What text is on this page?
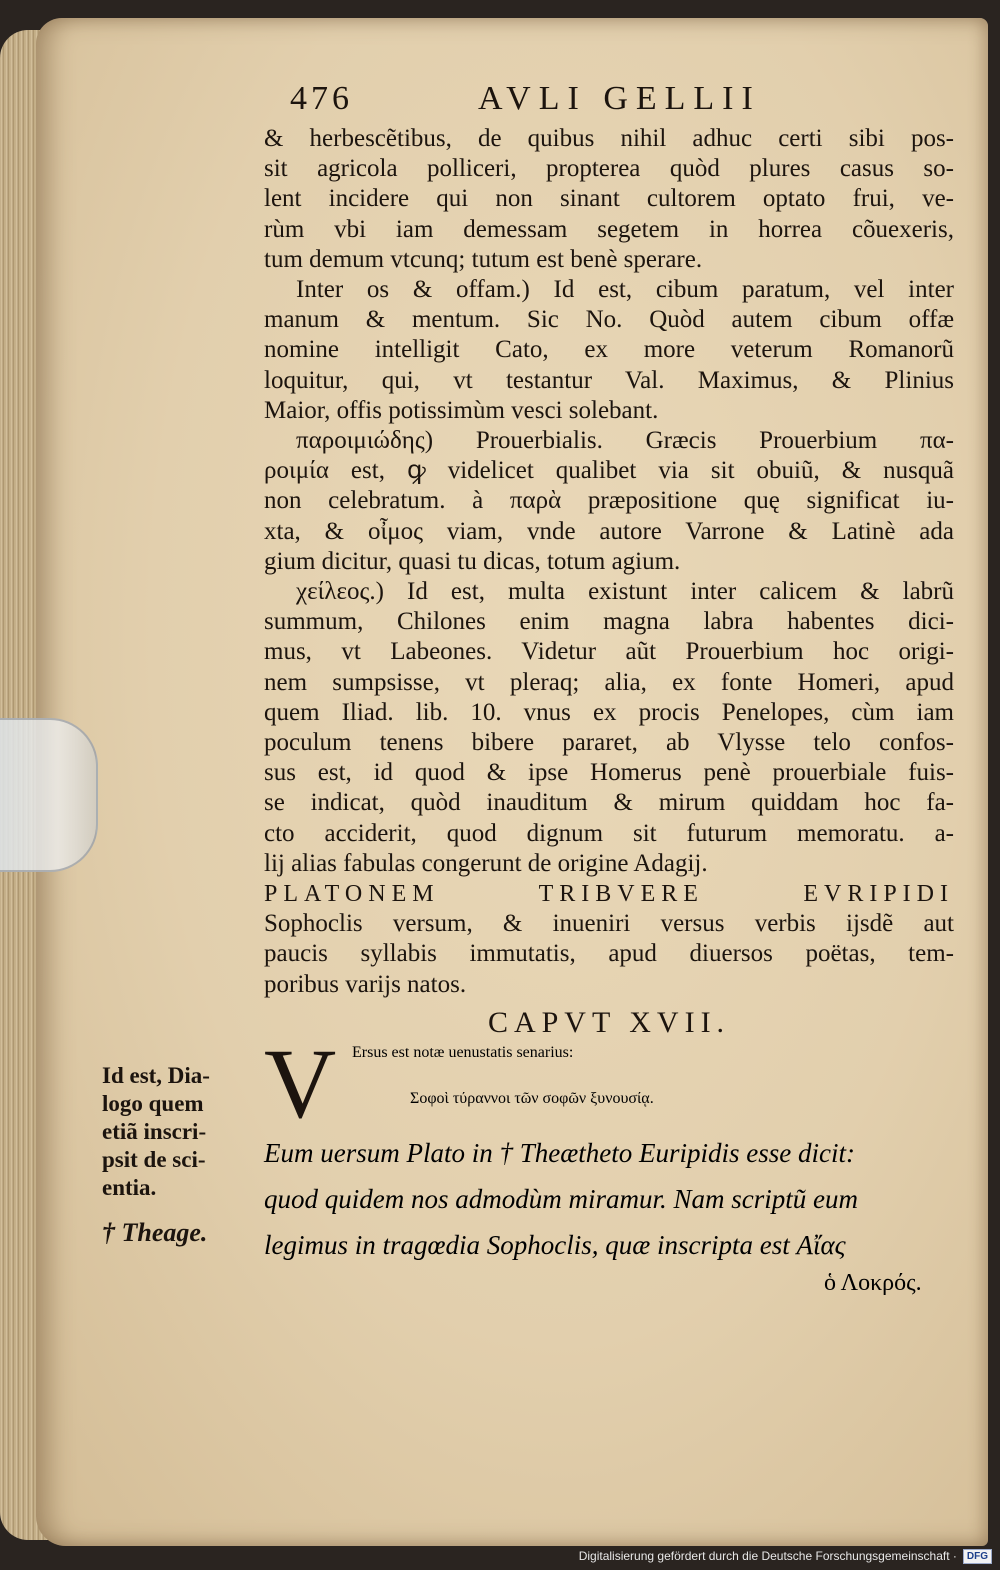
476	AVLI GELLII
& herbescẽtibus, de quibus nihil adhuc certi sibi pos-
sit agricola polliceri, propterea quòd plures casus so-
lent incidere qui non sinant cultorem optato frui, ve-
rùm vbi iam demessam segetem in horrea cõuexeris,
tum demum vtcunq; tutum est benè sperare.
Inter os & offam.) Id est, cibum paratum, vel inter
manum & mentum. Sic No. Quòd autem cibum offæ
nomine intelligit Cato, ex more veterum Romanorũ
loquitur, qui, vt testantur Val. Maximus, & Plinius
Maior, offis potissimùm vesci solebant.
παροιμιώδης) Prouerbialis. Græcis Prouerbium πα-
ροιμία est, ꝙ videlicet qualibet via sit obuiũ, & nusquã
non celebratum. à παρὰ præpositione quę significat iu-
xta, & οἶμος viam, vnde autore Varrone & Latinè ada
gium dicitur, quasi tu dicas, totum agium.
χείλεος.) Id est, multa existunt inter calicem & labrũ
summum, Chilones enim magna labra habentes dici-
mus, vt Labeones. Videtur aũt Prouerbium hoc origi-
nem sumpsisse, vt pleraq; alia, ex fonte Homeri, apud
quem Iliad. lib. 10. vnus ex procis Penelopes, cùm iam
poculum tenens bibere pararet, ab Vlysse telo confos-
sus est, id quod & ipse Homerus penè prouerbiale fuis-
se indicat, quòd inauditum & mirum quiddam hoc fa-
cto acciderit, quod dignum sit futurum memoratu. a-
lij alias fabulas congerunt de origine Adagij.
PLATONEM TRIBVERE EVRIPIDI
Sophoclis versum, & inueniri versus verbis ijsdẽ aut
paucis syllabis immutatis, apud diuersos poëtas, tem-
poribus varijs natos.
CAPVT XVII.
V Ersus est notæ uenustatis senarius:
Σοφοὶ τύραννοι τῶν σοφῶν ξυνουσίᾳ.
Eum uersum Plato in † Theætheto Euripidis esse dicit:
quod quidem nos admodùm miramur. Nam scriptũ eum
legimus in tragœdia Sophoclis, quæ inscripta est Αἴας
ὁ Λοκρός.
Id est, Dia-
logo quem
etiã inscri-
psit de sci-
entia.
† Theage.
Digitalisierung gefördert durch die Deutsche Forschungsgemeinschaft ·	DFG
